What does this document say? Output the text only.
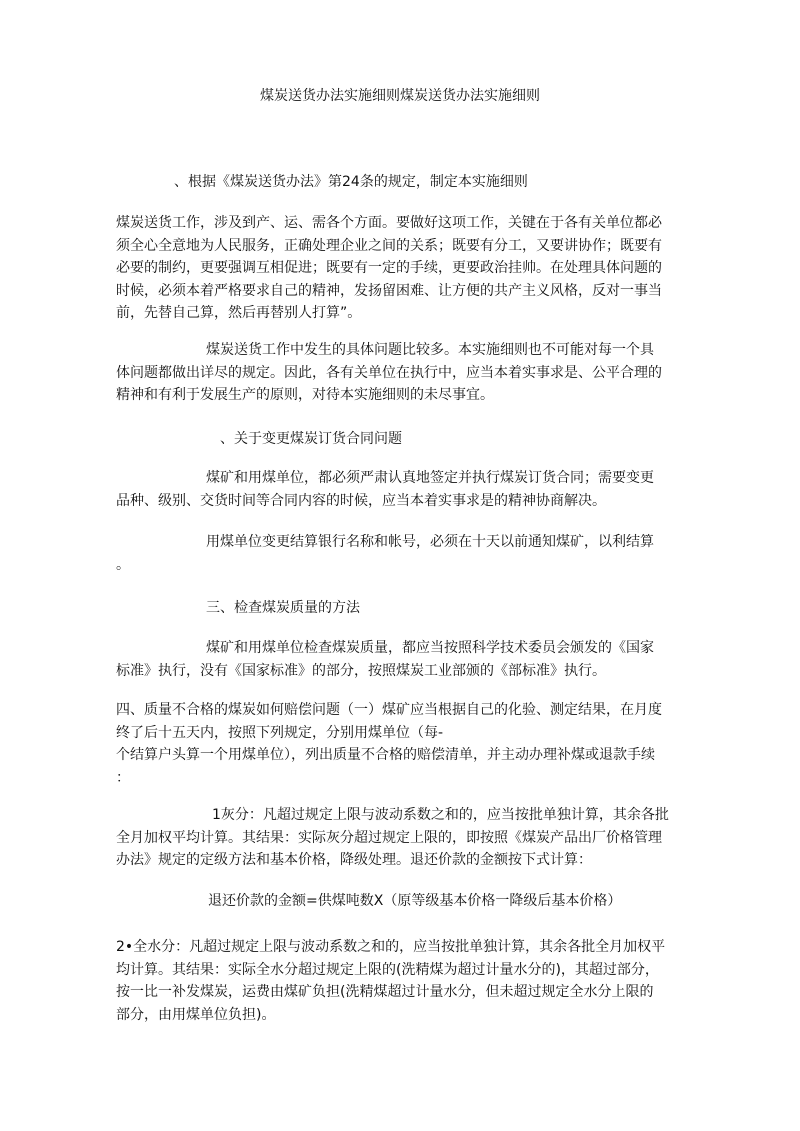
煤炭送货办法实施细则煤炭送货办法实施细则

、根据《煤炭送货办法》第24条的规定，制定本实施细则

煤炭送货工作，涉及到产、运、需各个方面。要做好这项工作，关键在于各有关单位都必
须全心全意地为人民服务，正确处理企业之间的关系；既要有分工，又要讲协作；既要有
必要的制约，更要强调互相促进；既要有一定的手续，更要政治挂帅。在处理具体问题的
时候，必须本着严格要求自己的精神，发扬留困难、让方便的共产主义风格，反对一事当
前，先替自己算，然后再替别人打算”。

煤炭送货工作中发生的具体问题比较多。本实施细则也不可能对每一个具
体问题都做出详尽的规定。因此，各有关单位在执行中，应当本着实事求是、公平合理的
精神和有利于发展生产的原则，对待本实施细则的未尽事宜。

、关于变更煤炭订货合同问题

煤矿和用煤单位，都必须严肃认真地签定并执行煤炭订货合同；需要变更
品种、级别、交货时间等合同内容的时候，应当本着实事求是的精神协商解决。

用煤单位变更结算银行名称和帐号，必须在十天以前通知煤矿，以利结算
。

三、检查煤炭质量的方法

煤矿和用煤单位检查煤炭质量，都应当按照科学技术委员会颁发的《国家
标准》执行，没有《国家标准》的部分，按照煤炭工业部颁的《部标准》执行。

四、质量不合格的煤炭如何赔偿问题（一）煤矿应当根据自己的化验、测定结果，在月度
终了后十五天内，按照下列规定，分别用煤单位（每-
个结算户头算一个用煤单位），列出质量不合格的赔偿清单，并主动办理补煤或退款手续
：

1灰分：凡超过规定上限与波动系数之和的，应当按批单独计算，其余各批
全月加权平均计算。其结果：实际灰分超过规定上限的，即按照《煤炭产品出厂价格管理
办法》规定的定级方法和基本价格，降级处理。退还价款的金额按下式计算：

退还价款的金额=供煤吨数X（原等级基本价格一降级后基本价格）

2•全水分：凡超过规定上限与波动系数之和的，应当按批单独计算，其余各批全月加权平
均计算。其结果：实际全水分超过规定上限的(洗精煤为超过计量水分的)，其超过部分，
按一比一补发煤炭，运费由煤矿负担(洗精煤超过计量水分，但未超过规定全水分上限的
部分，由用煤单位负担)。
